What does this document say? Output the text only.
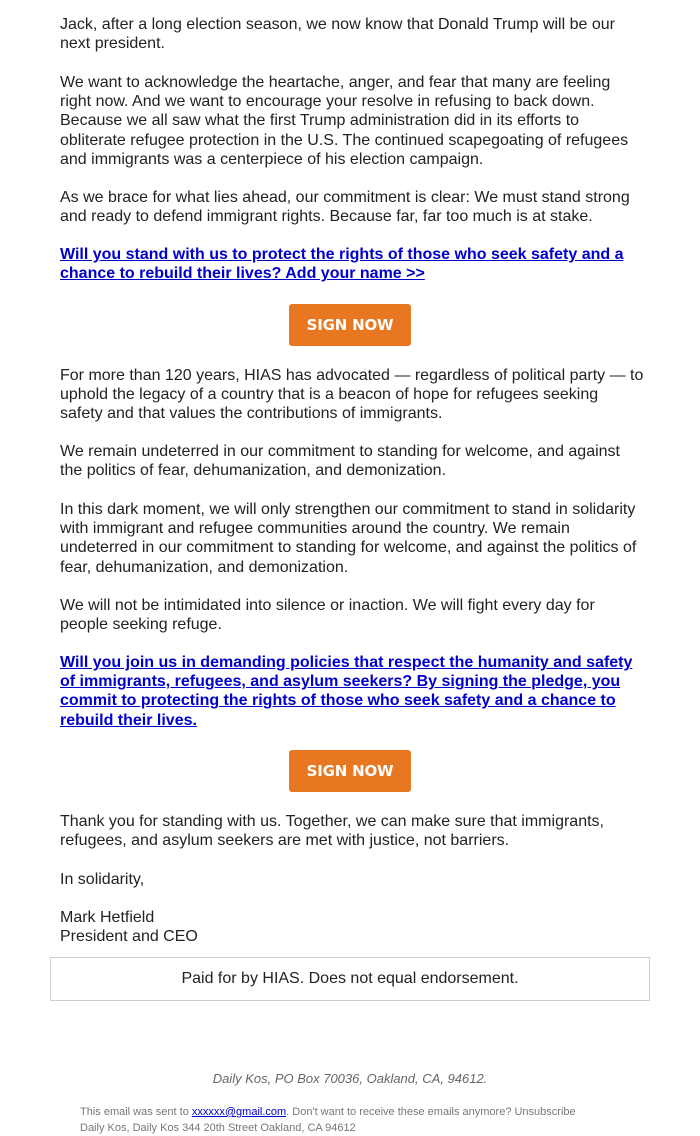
Jack, after a long election season, we now know that Donald Trump will be our next president.

We want to acknowledge the heartache, anger, and fear that many are feeling right now. And we want to encourage your resolve in refusing to back down. Because we all saw what the first Trump administration did in its efforts to obliterate refugee protection in the U.S. The continued scapegoating of refugees and immigrants was a centerpiece of his election campaign.

As we brace for what lies ahead, our commitment is clear: We must stand strong and ready to defend immigrant rights. Because far, far too much is at stake.

Will you stand with us to protect the rights of those who seek safety and a chance to rebuild their lives? Add your name >>
SIGN NOW

For more than 120 years, HIAS has advocated — regardless of political party — to uphold the legacy of a country that is a beacon of hope for refugees seeking safety and that values the contributions of immigrants.

We remain undeterred in our commitment to standing for welcome, and against the politics of fear, dehumanization, and demonization.

In this dark moment, we will only strengthen our commitment to stand in solidarity with immigrant and refugee communities around the country. We remain undeterred in our commitment to standing for welcome, and against the politics of fear, dehumanization, and demonization.

We will not be intimidated into silence or inaction. We will fight every day for people seeking refuge.

Will you join us in demanding policies that respect the humanity and safety of immigrants, refugees, and asylum seekers? By signing the pledge, you commit to protecting the rights of those who seek safety and a chance to rebuild their lives.
SIGN NOW

Thank you for standing with us. Together, we can make sure that immigrants, refugees, and asylum seekers are met with justice, not barriers.

In solidarity,

Mark Hetfield

President and CEO

Paid for by HIAS. Does not equal endorsement.
Daily Kos, PO Box 70036, Oakland, CA, 94612.
This email was sent to xxxxxx@gmail.com. Don't want to receive these emails anymore? Unsubscribe
Daily Kos, Daily Kos 344 20th Street Oakland, CA 94612
